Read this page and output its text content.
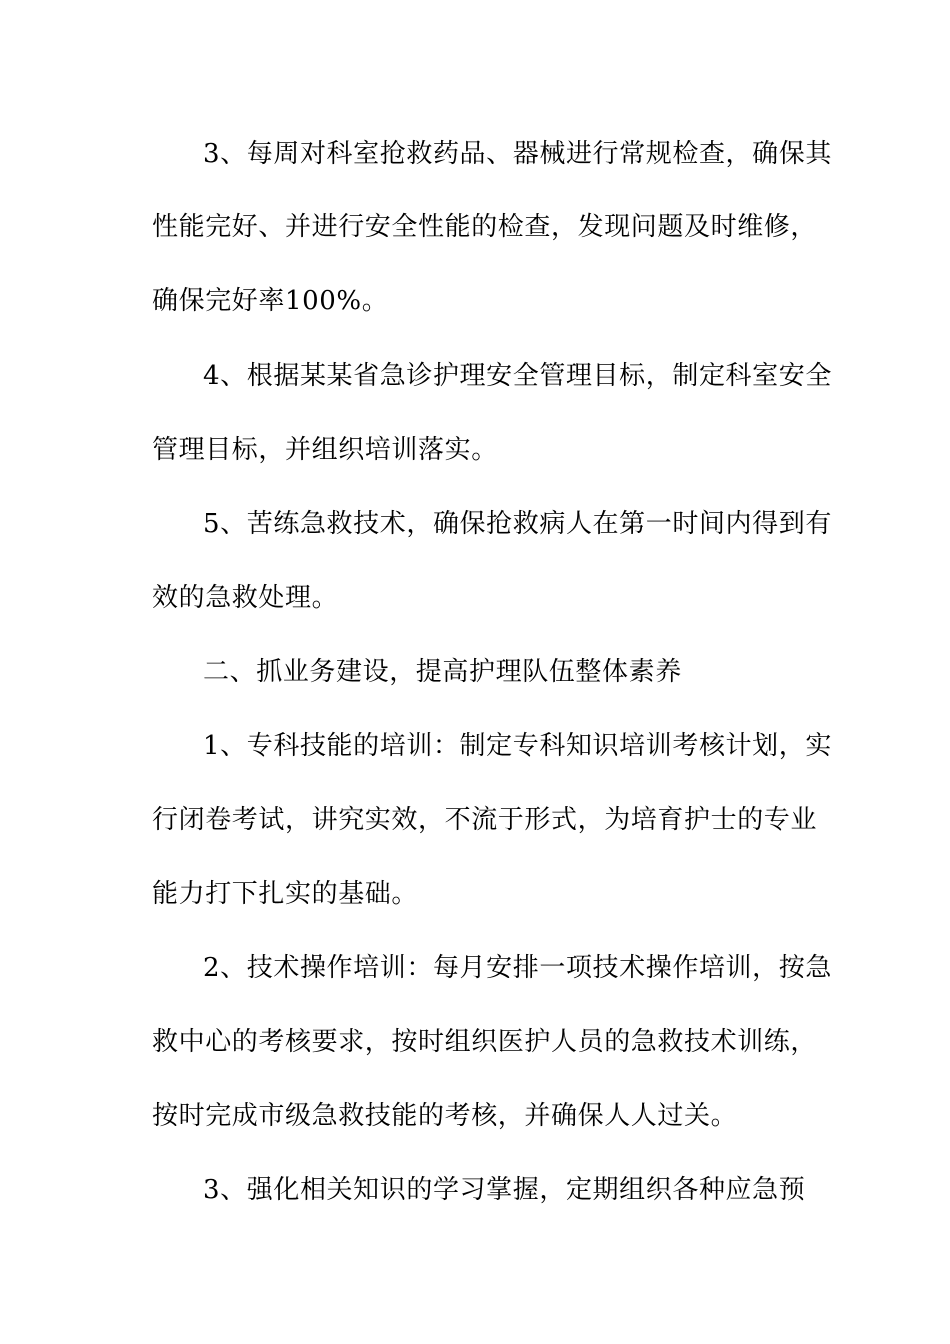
3、每周对科室抢救药品、器械进行常规检查，确保其
性能完好、并进行安全性能的检查，发现问题及时维修，
确保完好率100%。
4、根据某某省急诊护理安全管理目标，制定科室安全
管理目标，并组织培训落实。
5、苦练急救技术，确保抢救病人在第一时间内得到有
效的急救处理。
二、抓业务建设，提高护理队伍整体素养
1、专科技能的培训：制定专科知识培训考核计划，实
行闭卷考试，讲究实效，不流于形式，为培育护士的专业
能力打下扎实的基础。
2、技术操作培训：每月安排一项技术操作培训，按急
救中心的考核要求，按时组织医护人员的急救技术训练，
按时完成市级急救技能的考核，并确保人人过关。
3、强化相关知识的学习掌握，定期组织各种应急预
